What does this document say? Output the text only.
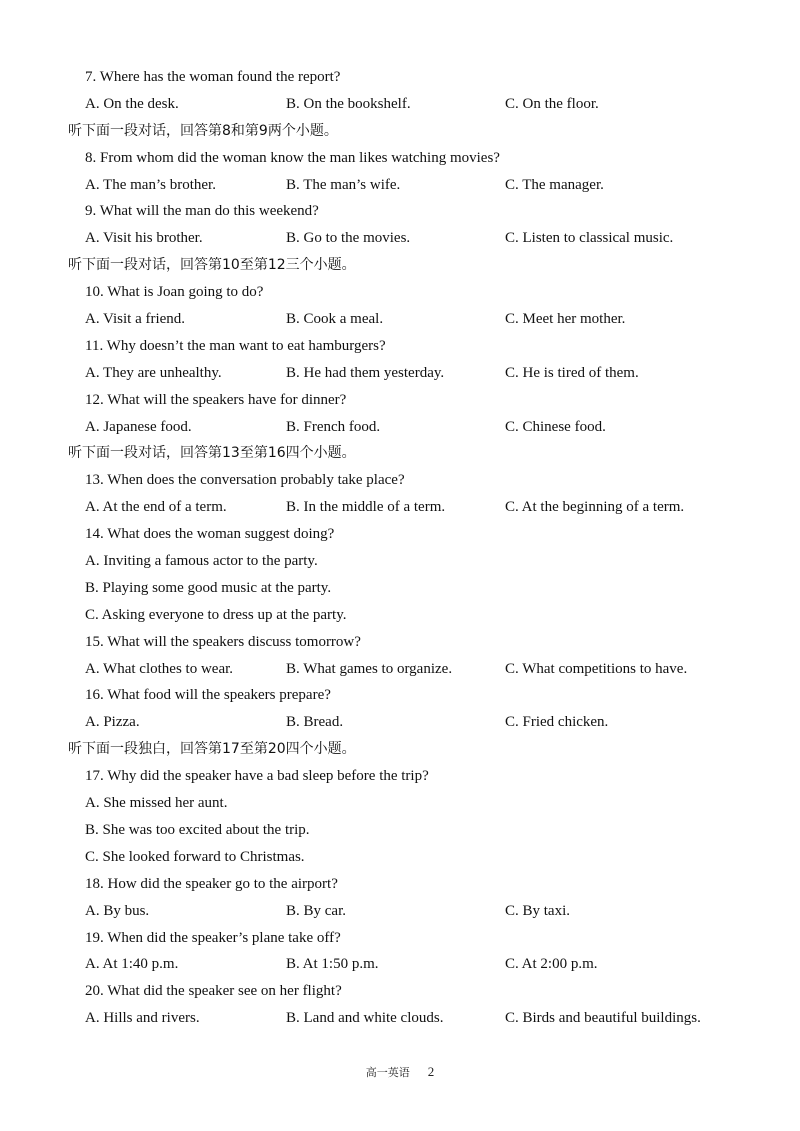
7. Where has the woman found the report?
A. On the desk.	B. On the bookshelf.	C. On the floor.
听下面一段对话，回答第8和第9两个小题。
8. From whom did the woman know the man likes watching movies?
A. The man’s brother.	B. The man’s wife.	C. The manager.
9. What will the man do this weekend?
A. Visit his brother.	B. Go to the movies.	C. Listen to classical music.
听下面一段对话，回答第10至第12三个小题。
10. What is Joan going to do?
A. Visit a friend.	B. Cook a meal.	C. Meet her mother.
11. Why doesn’t the man want to eat hamburgers?
A. They are unhealthy.	B. He had them yesterday.	C. He is tired of them.
12. What will the speakers have for dinner?
A. Japanese food.	B. French food.	C. Chinese food.
听下面一段对话，回答第13至第16四个小题。
13. When does the conversation probably take place?
A. At the end of a term.	B. In the middle of a term.	C. At the beginning of a term.
14. What does the woman suggest doing?
A. Inviting a famous actor to the party.
B. Playing some good music at the party.
C. Asking everyone to dress up at the party.
15. What will the speakers discuss tomorrow?
A. What clothes to wear.	B. What games to organize.	C. What competitions to have.
16. What food will the speakers prepare?
A. Pizza.	B. Bread.	C. Fried chicken.
听下面一段独白，回答第17至第20四个小题。
17. Why did the speaker have a bad sleep before the trip?
A. She missed her aunt.
B. She was too excited about the trip.
C. She looked forward to Christmas.
18. How did the speaker go to the airport?
A. By bus.	B. By car.	C. By taxi.
19. When did the speaker’s plane take off?
A. At 1:40 p.m.	B. At 1:50 p.m.	C. At 2:00 p.m.
20. What did the speaker see on her flight?
A. Hills and rivers.	B. Land and white clouds.	C. Birds and beautiful buildings.
高一英语 2
